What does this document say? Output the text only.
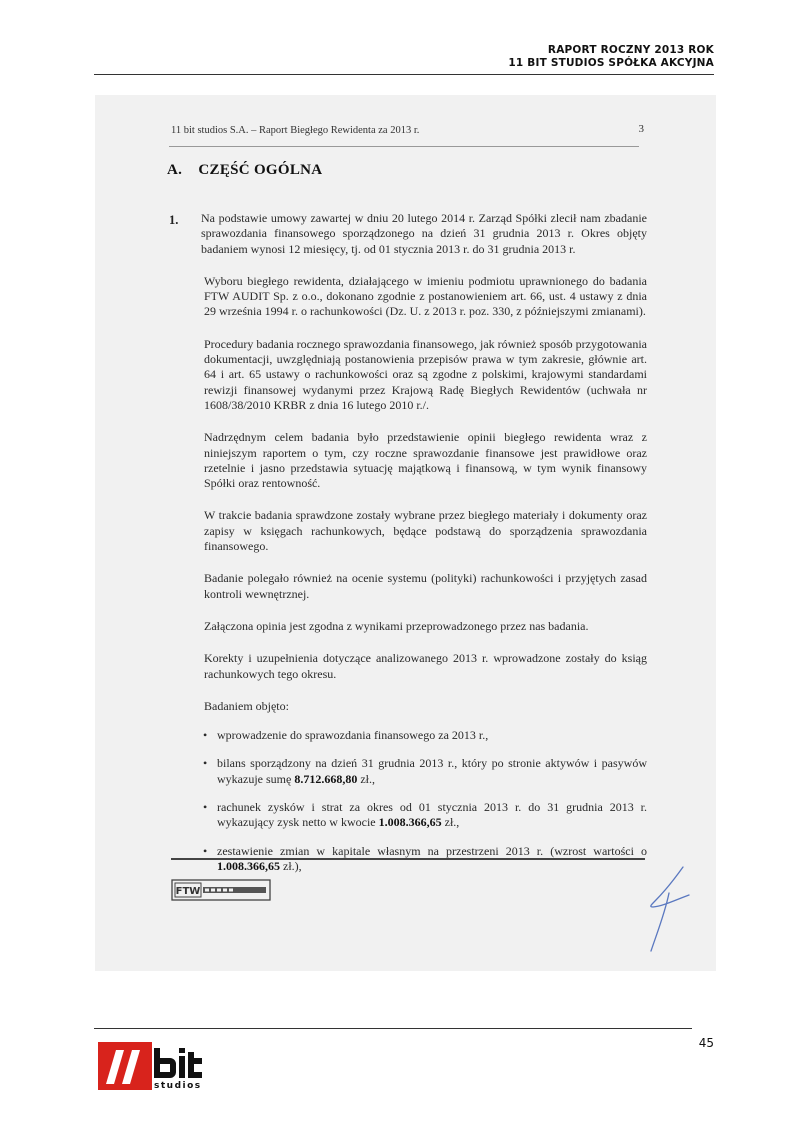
RAPORT ROCZNY 2013 ROK
11 BIT STUDIOS SPÓŁKA AKCYJNA
11 bit studios S.A. – Raport Biegłego Rewidenta za 2013 r.	3
A.    CZĘŚĆ OGÓLNA
1. Na podstawie umowy zawartej w dniu 20 lutego 2014 r. Zarząd Spółki zlecił nam zbadanie sprawozdania finansowego sporządzonego na dzień 31 grudnia 2013 r. Okres objęty badaniem wynosi 12 miesięcy, tj. od 01 stycznia 2013 r. do 31 grudnia 2013 r.

Wyboru biegłego rewidenta, działającego w imieniu podmiotu uprawnionego do badania FTW AUDIT Sp. z o.o., dokonano zgodnie z postanowieniem art. 66, ust. 4 ustawy z dnia 29 września 1994 r. o rachunkowości (Dz. U. z 2013 r. poz. 330, z późniejszymi zmianami).

Procedury badania rocznego sprawozdania finansowego, jak również sposób przygotowania dokumentacji, uwzględniają postanowienia przepisów prawa w tym zakresie, głównie art. 64 i art. 65 ustawy o rachunkowości oraz są zgodne z polskimi, krajowymi standardami rewizji finansowej wydanymi przez Krajową Radę Biegłych Rewidentów (uchwała nr 1608/38/2010 KRBR z dnia 16 lutego 2010 r./.

Nadrzędnym celem badania było przedstawienie opinii biegłego rewidenta wraz z niniejszym raportem o tym, czy roczne sprawozdanie finansowe jest prawidłowe oraz rzetelnie i jasno przedstawia sytuację majątkową i finansową, w tym wynik finansowy Spółki oraz rentowność.

W trakcie badania sprawdzone zostały wybrane przez biegłego materiały i dokumenty oraz zapisy w księgach rachunkowych, będące podstawą do sporządzenia sprawozdania finansowego.

Badanie polegało również na ocenie systemu (polityki) rachunkowości i przyjętych zasad kontroli wewnętrznej.

Załączona opinia jest zgodna z wynikami przeprowadzonego przez nas badania.

Korekty i uzupełnienia dotyczące analizowanego 2013 r. wprowadzone zostały do ksiąg rachunkowych tego okresu.

Badaniem objęto:

• wprowadzenie do sprawozdania finansowego za 2013 r.,
• bilans sporządzony na dzień 31 grudnia 2013 r., który po stronie aktywów i pasywów wykazuje sumę 8.712.668,80 zł.,
• rachunek zysków i strat za okres od 01 stycznia 2013 r. do 31 grudnia 2013 r. wykazujący zysk netto w kwocie 1.008.366,65 zł.,
• zestawienie zmian w kapitale własnym na przestrzeni 2013 r. (wzrost wartości o 1.008.366,65 zł.),
FTW
45
studios
